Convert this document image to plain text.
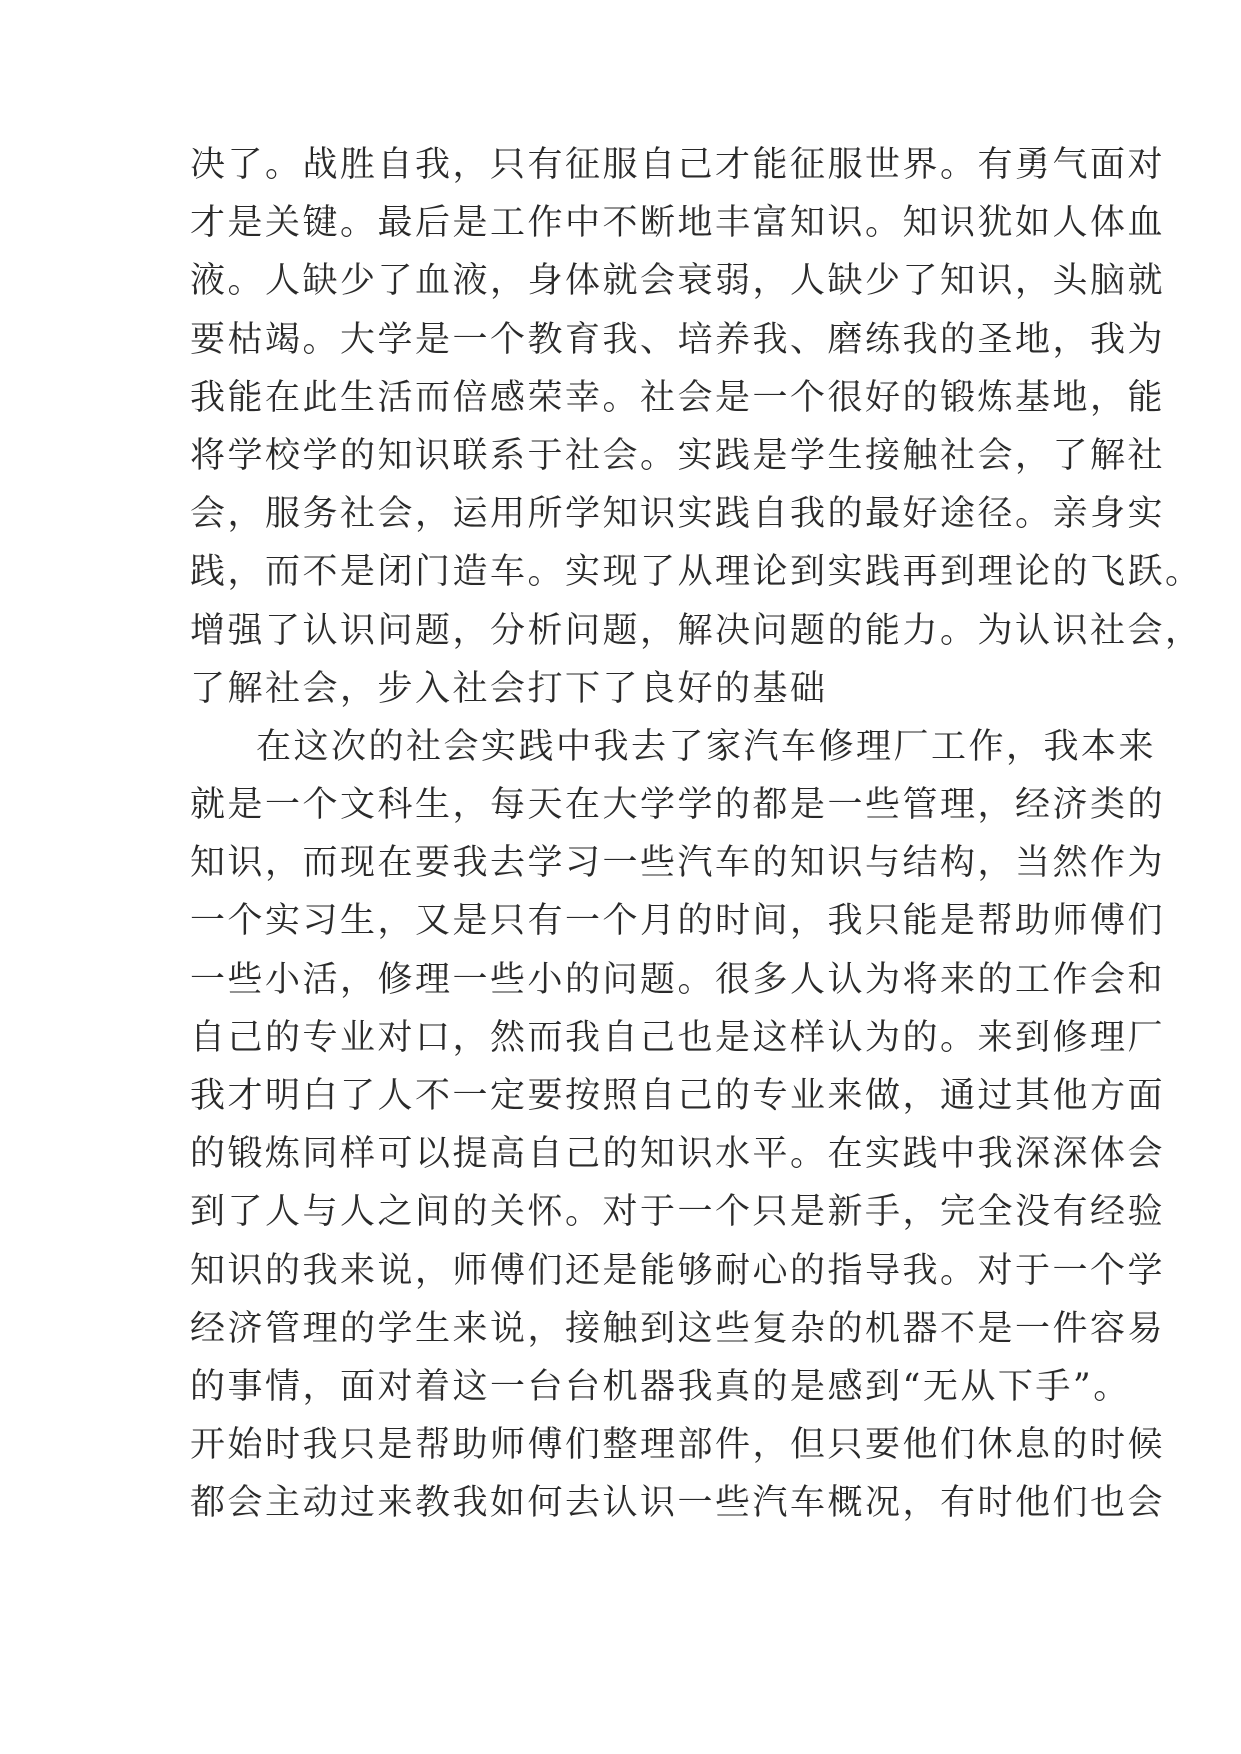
决了。战胜自我，只有征服自己才能征服世界。有勇气面对
才是关键。最后是工作中不断地丰富知识。知识犹如人体血
液。人缺少了血液，身体就会衰弱，人缺少了知识，头脑就
要枯竭。大学是一个教育我、培养我、磨练我的圣地，我为
我能在此生活而倍感荣幸。社会是一个很好的锻炼基地，能
将学校学的知识联系于社会。实践是学生接触社会，了解社
会，服务社会，运用所学知识实践自我的最好途径。亲身实
践，而不是闭门造车。实现了从理论到实践再到理论的飞跃。
增强了认识问题，分析问题，解决问题的能力。为认识社会，
了解社会，步入社会打下了良好的基础
在这次的社会实践中我去了家汽车修理厂工作，我本来
就是一个文科生，每天在大学学的都是一些管理，经济类的
知识，而现在要我去学习一些汽车的知识与结构，当然作为
一个实习生，又是只有一个月的时间，我只能是帮助师傅们
一些小活，修理一些小的问题。很多人认为将来的工作会和
自己的专业对口，然而我自己也是这样认为的。来到修理厂
我才明白了人不一定要按照自己的专业来做，通过其他方面
的锻炼同样可以提高自己的知识水平。在实践中我深深体会
到了人与人之间的关怀。对于一个只是新手，完全没有经验
知识的我来说，师傅们还是能够耐心的指导我。对于一个学
经济管理的学生来说，接触到这些复杂的机器不是一件容易
的事情，面对着这一台台机器我真的是感到“无从下手”。
开始时我只是帮助师傅们整理部件，但只要他们休息的时候
都会主动过来教我如何去认识一些汽车概况，有时他们也会
